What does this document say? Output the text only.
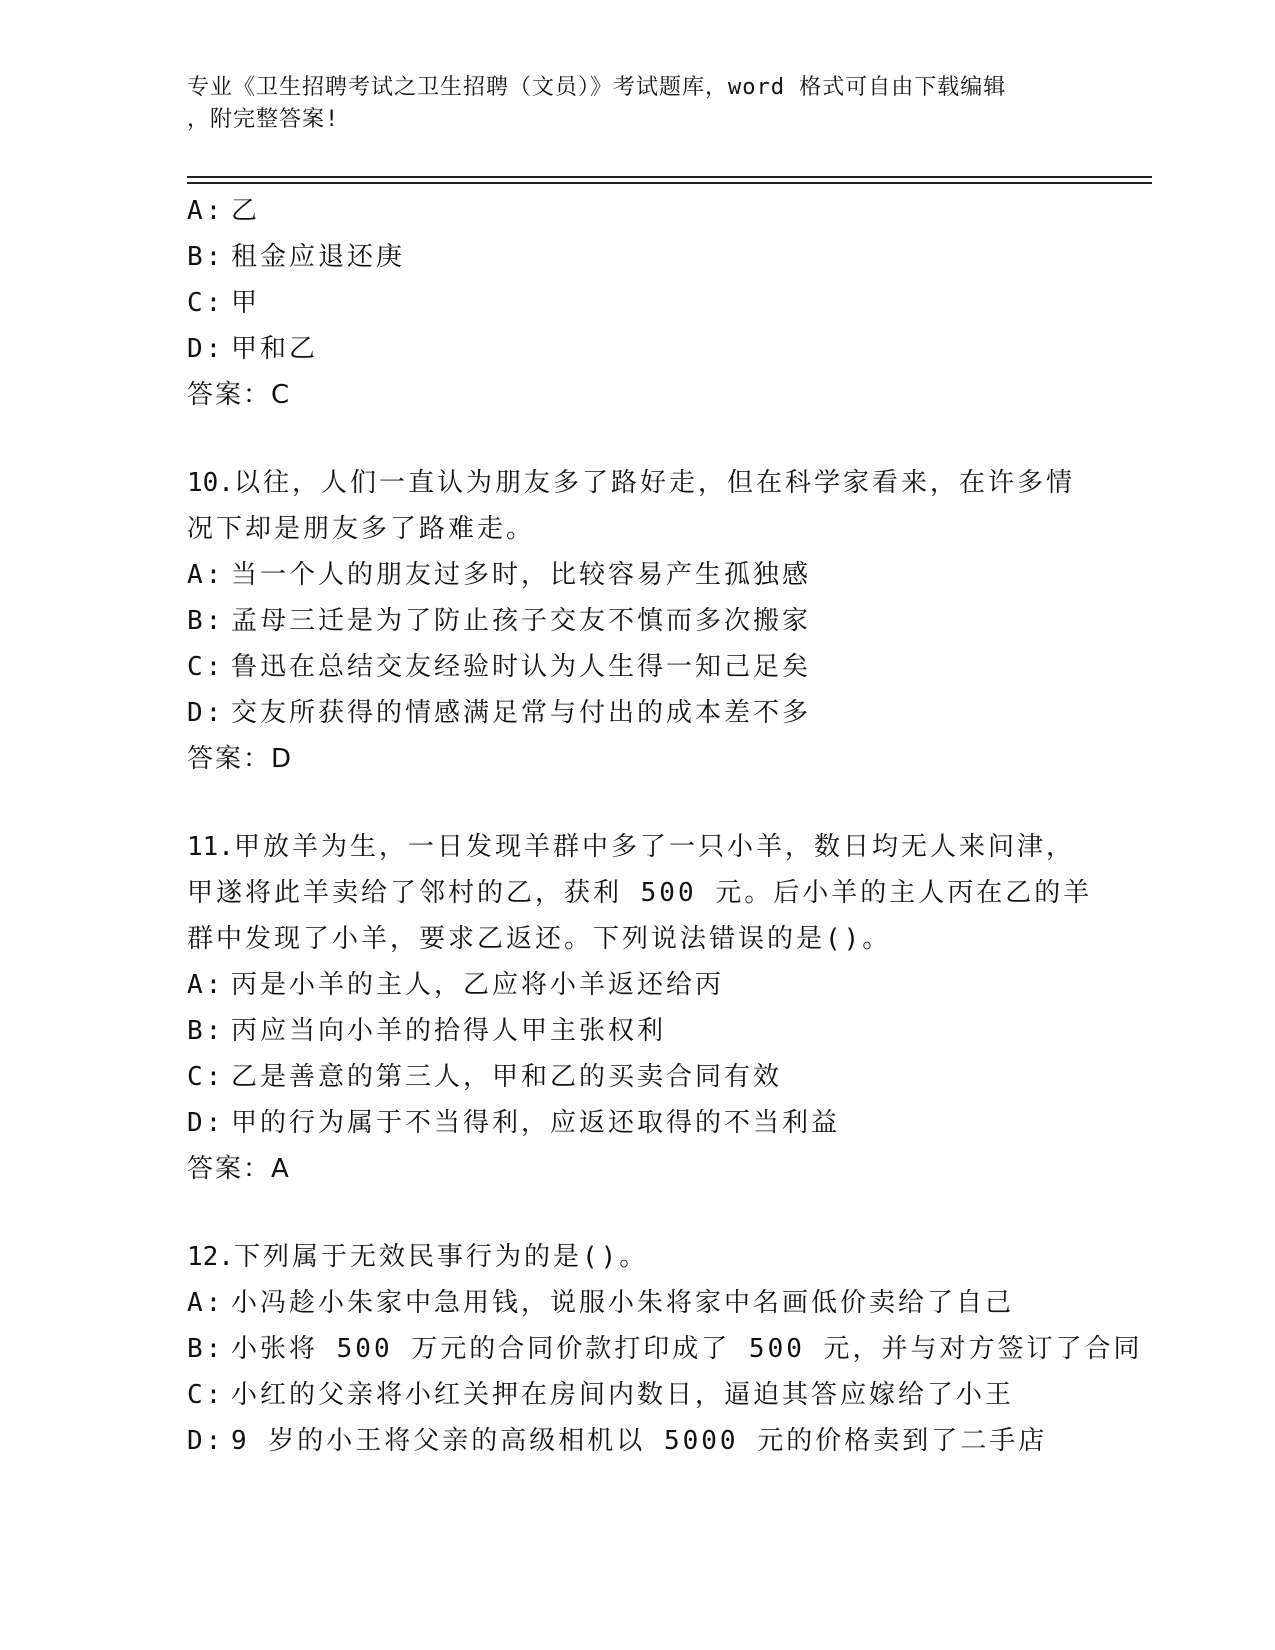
专业《卫生招聘考试之卫生招聘（文员）》考试题库，word 格式可自由下载编辑
，附完整答案!
A: 乙
B: 租金应退还庚
C: 甲
D: 甲和乙
答案：C
10.以往，人们一直认为朋友多了路好走，但在科学家看来，在许多情
况下却是朋友多了路难走。
A: 当一个人的朋友过多时，比较容易产生孤独感
B: 孟母三迁是为了防止孩子交友不慎而多次搬家
C: 鲁迅在总结交友经验时认为人生得一知己足矣
D: 交友所获得的情感满足常与付出的成本差不多
答案：D
11.甲放羊为生，一日发现羊群中多了一只小羊，数日均无人来问津，
甲遂将此羊卖给了邻村的乙，获利 500 元。后小羊的主人丙在乙的羊
群中发现了小羊，要求乙返还。下列说法错误的是()。
A: 丙是小羊的主人，乙应将小羊返还给丙
B: 丙应当向小羊的拾得人甲主张权利
C: 乙是善意的第三人，甲和乙的买卖合同有效
D: 甲的行为属于不当得利，应返还取得的不当利益
答案：A
12.下列属于无效民事行为的是()。
A: 小冯趁小朱家中急用钱，说服小朱将家中名画低价卖给了自己
B: 小张将 500 万元的合同价款打印成了 500 元，并与对方签订了合同
C: 小红的父亲将小红关押在房间内数日，逼迫其答应嫁给了小王
D: 9 岁的小王将父亲的高级相机以 5000 元的价格卖到了二手店
